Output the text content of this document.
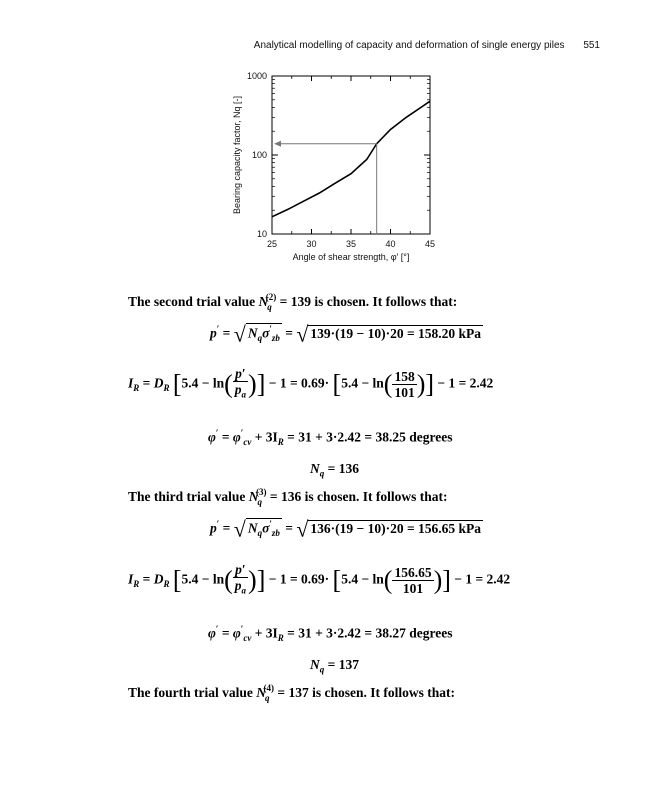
Analytical modelling of capacity and deformation of single energy piles 551
25	30	35	40	45
10
100
1000
Angle of shear strength, φ′ [°]
Bearing capacity factor, Nq [-]
The second trial value $N_q^{(2)} = 139$ is chosen. It follows that:
p′ = √ $N_q\sigma'_{zb}$ = √ 139·(19 − 10)·20 = 158.20 kPa
$I_R = D_R$ [$5.4 - \ln( \frac{p'}{p_a}$ )] − $1 = 0.69\cdot [5.4 - \ln( \frac{158}{101}$ )] − 1 = 2.42
$\varphi' = \varphi'_{cv} + 3I_R = 31 + 3\cdot 2.42 = 38.25$ degrees
$N_q = 136$
The third trial value $N_q^{(3)} = 136$ is chosen. It follows that:
p′ = √ $N_q\sigma'_{zb}$ = √ 136·(19 − 10)·20 = 156.65 kPa
$I_R = D_R$ [$5.4 - \ln( \frac{p'}{p_a}$ )] − $1 = 0.69\cdot [5.4 - \ln( \frac{156.65}{101}$ )] − 1 = 2.42
$\varphi' = \varphi'_{cv} + 3I_R = 31 + 3\cdot 2.42 = 38.27$ degrees
$N_q = 137$
The fourth trial value $N_q^{(4)} = 137$ is chosen. It follows that:
